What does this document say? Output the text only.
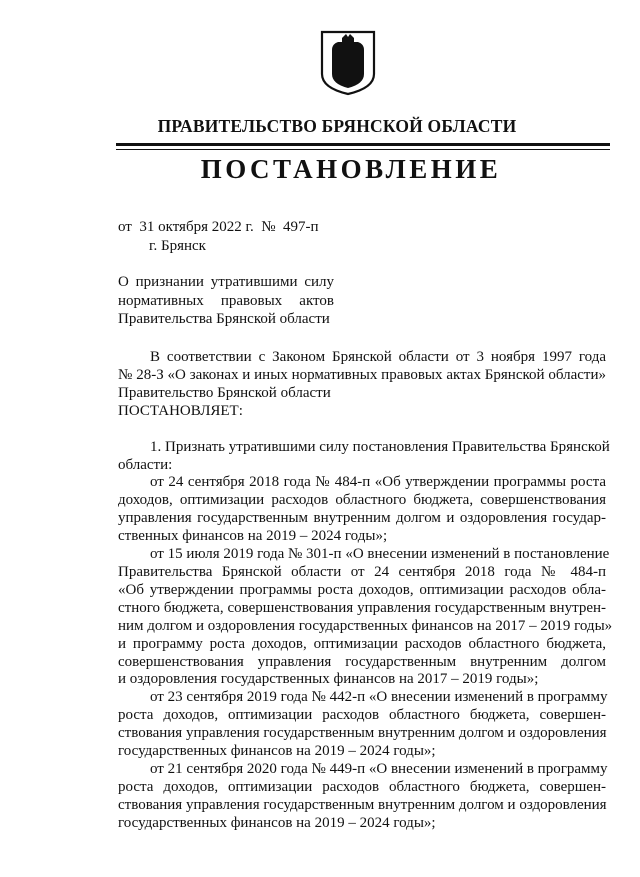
ПРАВИТЕЛЬСТВО БРЯНСКОЙ ОБЛАСТИ
ПОСТАНОВЛЕНИЕ
от  31 октября 2022 г.  №  497-п
г. Брянск
О признании утратившими силу
нормативных правовых актов
Правительства Брянской области
В соответствии с Законом Брянской области от 3 ноября 1997 года
№ 28-З «О законах и иных нормативных правовых актах Брянской области»
Правительство Брянской области
ПОСТАНОВЛЯЕТ:
1. Признать утратившими силу постановления Правительства Брянской
области:
от 24 сентября 2018 года № 484-п «Об утверждении программы роста
доходов, оптимизации расходов областного бюджета, совершенствования
управления государственным внутренним долгом и оздоровления государ-
ственных финансов на 2019 – 2024 годы»;
от 15 июля 2019 года № 301-п «О внесении изменений в постановление
Правительства Брянской области от 24 сентября 2018 года № 484-п
«Об утверждении программы роста доходов, оптимизации расходов обла-
стного бюджета, совершенствования управления государственным внутрен-
ним долгом и оздоровления государственных финансов на 2017 – 2019 годы»
и программу роста доходов, оптимизации расходов областного бюджета,
совершенствования управления государственным внутренним долгом
и оздоровления государственных финансов на 2017 – 2019 годы»;
от 23 сентября 2019 года № 442-п «О внесении изменений в программу
роста доходов, оптимизации расходов областного бюджета, совершен-
ствования управления государственным внутренним долгом и оздоровления
государственных финансов на 2019 – 2024 годы»;
от 21 сентября 2020 года № 449-п «О внесении изменений в программу
роста доходов, оптимизации расходов областного бюджета, совершен-
ствования управления государственным внутренним долгом и оздоровления
государственных финансов на 2019 – 2024 годы»;
